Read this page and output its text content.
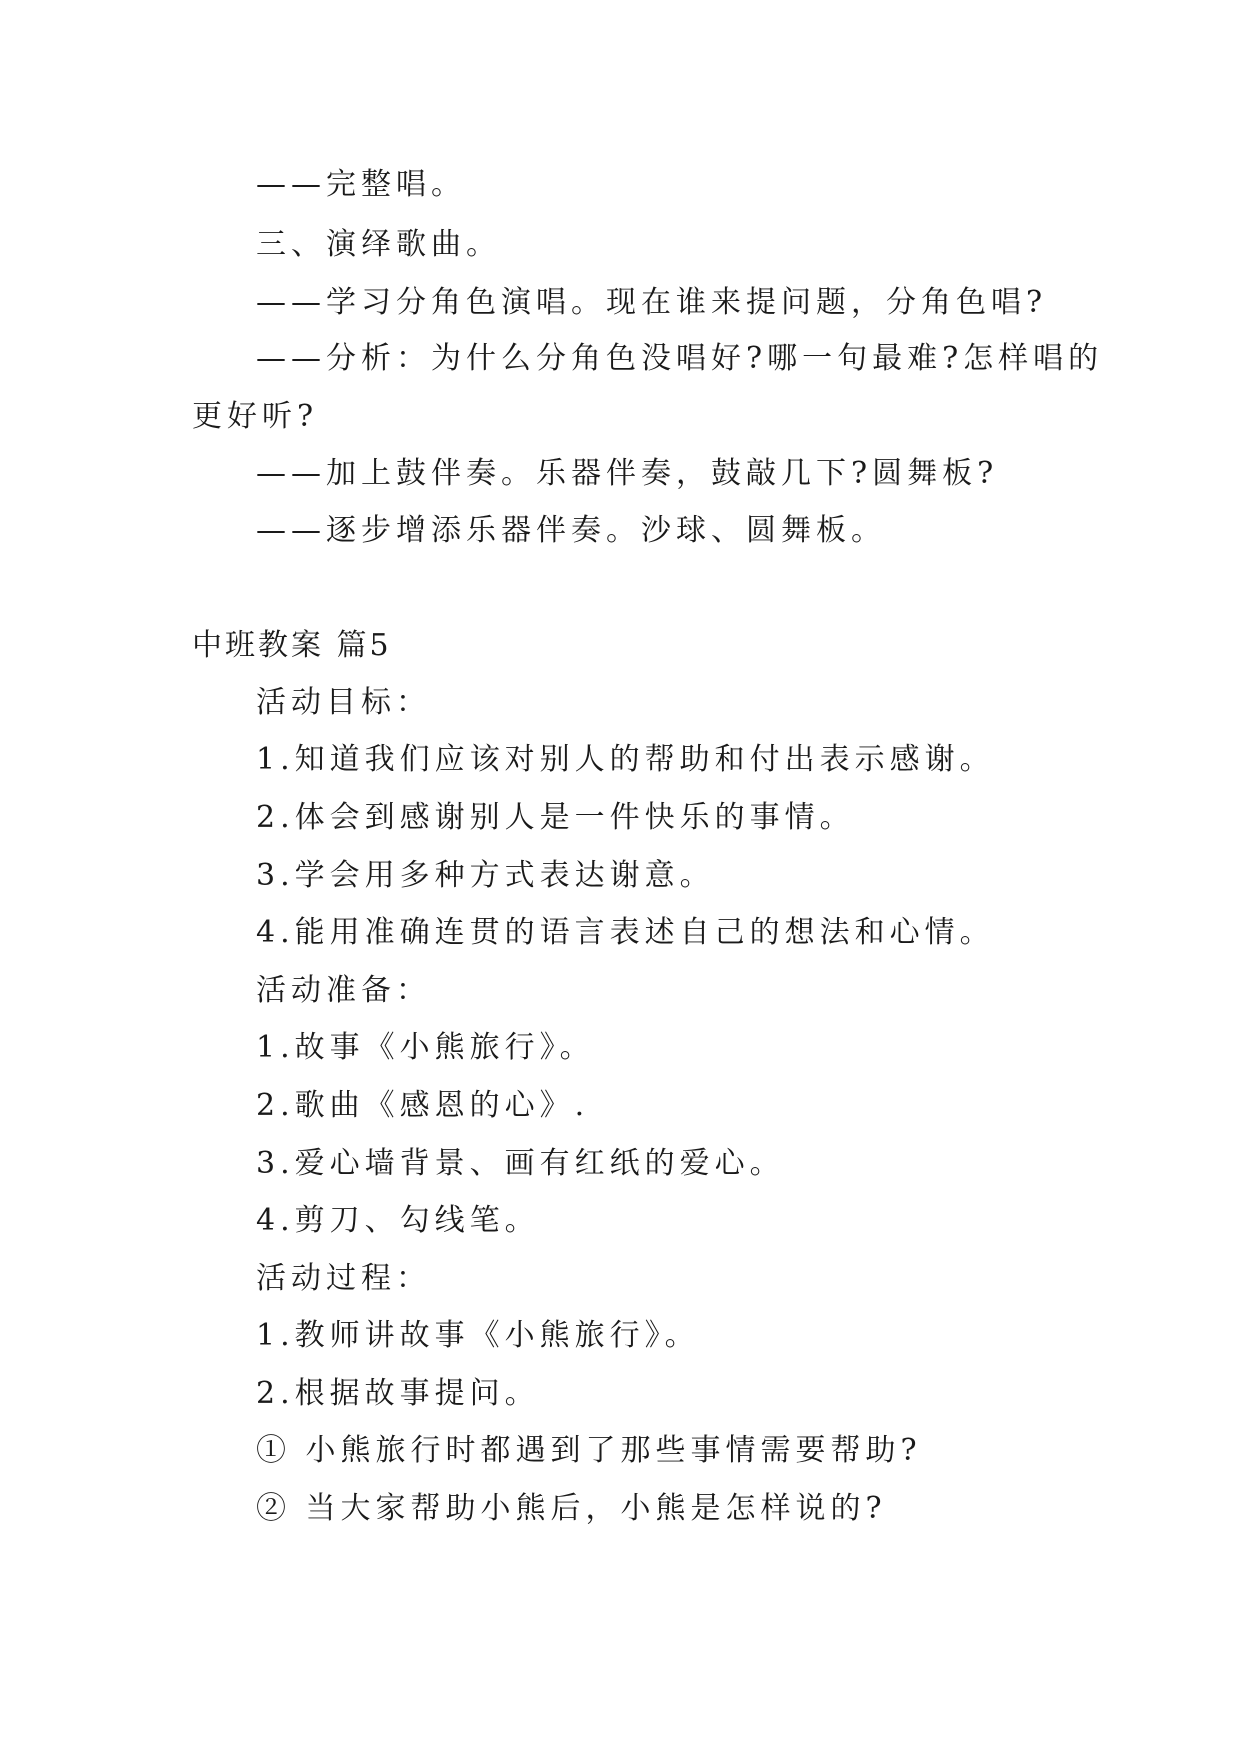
——完整唱。
三、演绎歌曲。
——学习分角色演唱。现在谁来提问题，分角色唱?
——分析：为什么分角色没唱好?哪一句最难?怎样唱的
更好听?
——加上鼓伴奏。乐器伴奏，鼓敲几下?圆舞板?
——逐步增添乐器伴奏。沙球、圆舞板。
中班教案 篇5
活动目标：
1.知道我们应该对别人的帮助和付出表示感谢。
2.体会到感谢别人是一件快乐的事情。
3.学会用多种方式表达谢意。
4.能用准确连贯的语言表述自己的想法和心情。
活动准备：
1.故事《小熊旅行》。
2.歌曲《感恩的心》.
3.爱心墙背景、画有红纸的爱心。
4.剪刀、勾线笔。
活动过程：
1.教师讲故事《小熊旅行》。
2.根据故事提问。
① 小熊旅行时都遇到了那些事情需要帮助?
② 当大家帮助小熊后，小熊是怎样说的?
